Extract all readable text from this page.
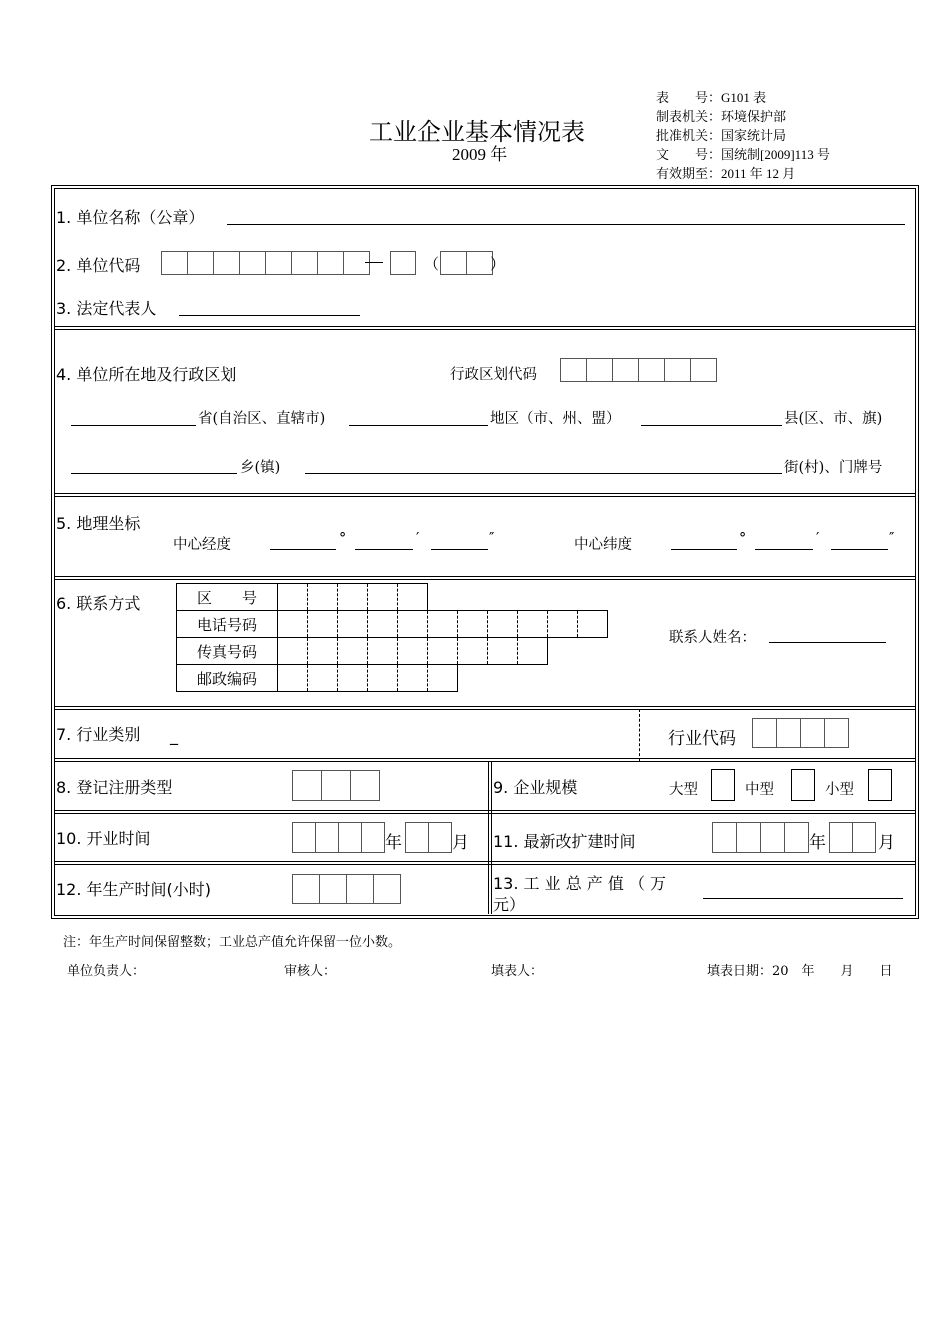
工业企业基本情况表
2009 年
表　　号：	G101 表
制表机关：	环境保护部
批准机关：	国家统计局
文　　号：	国统制[2009]113 号
有效期至：	2011 年 12 月
1. 单位名称（公章）
2. 单位代码	（	）
3. 法定代表人
4. 单位所在地及行政区划	行政区划代码
省(自治区、直辖市)	地区（市、州、盟）	县(区、市、旗)
乡(镇)	街(村)、门牌号
5. 地理坐标
中心经度	°	′	″	中心纬度	°	′	″
6. 联系方式	区　　号											
电话号码											
传真号码											
邮政编码											
联系人姓名：
7. 行业类别 _	行业代码
8. 登记注册类型	9. 企业规模	大型	中型	小型
10. 开业时间	年	月 11. 最新改扩建时间	年	月
12. 年生产时间(小时)	13. 工 业 总 产 值 （ 万
元）
注：年生产时间保留整数；工业总产值允许保留一位小数。
单位负责人：	审核人：	填表人：	填表日期：20　年　　月　　日
